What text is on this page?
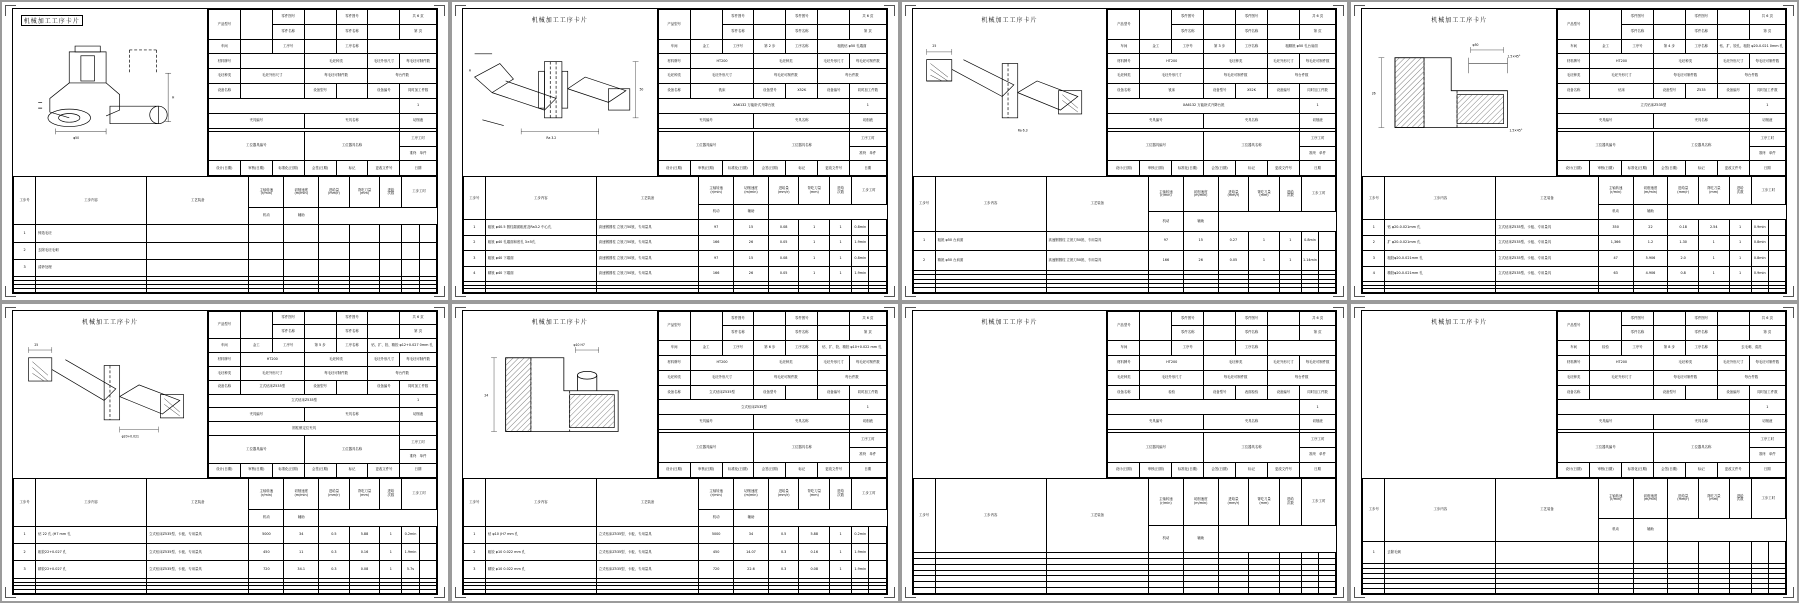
机械加工工序卡片
φ50
H
产品型号		零件图号		零件图号		共 6 页
		零件名称		零件名称		第 页
车间		工序号		工序名称		
材料牌号			毛坯种类		毛坯外形尺寸	每毛坯可制件数
毛坯种类	毛坯外形尺寸		每毛坯可制件数		每台件数	
设备名称			设备型号		设备编号	同时加工件数
						1
夹具编号			夹具名称			切削液

工位器具编号			工位器具名称			工序工时
						准终   单件
设计(日期)	审核(日期)	标准化(日期)	会签(日期)	标记	更改文件号	日期
工步号	工步内容	工艺装备	主轴转速
(r/min)	切削速度
(m/min)	进给量
(mm/r)	背吃刀量
(mm)	进给
次数	工步工时	
			机动	辅助					
1	铸造毛坯								
2	去除毛坯毛刺								
3	清砂处理								

机械加工工序卡片
Ra 3.2
50
A
产品型号		零件图号		零件图号		共 6 页
		零件名称		零件名称		第 页
车间	金工	工序号	第 2 步	工序名称	粗铣钻 φ50 孔端面	
材料牌号	HT200		毛坯种类		毛坯外形尺寸	每毛坯可制件数
毛坯种类	毛坯外形尺寸		每毛坯可制件数		每台件数	
设备名称	铣床		设备型号	X52K	设备编号	同时加工件数
XA6132 万能卧式升降台铣						1
夹具编号			夹具名称			切削液

工位器具编号			工位器具名称			工序工时
						准终   单件
设计(日期)	审核(日期)	标准化(日期)	会签(日期)	标记	更改文件号	日期
工步号	工步内容	工艺装备	主轴转速
(r/min)	切削速度
(m/min)	进给量
(mm/r)	背吃刀量
(mm)	进给
次数	工步工时	
			机动	辅助					
1	粗铣 φ40.5 圆柱端面粗度及Ra3.2 中心孔	高速钢圆柱 立铣刀50铣、专用量具	97	15	0.08	1	1	0.8min	
2	粗铣 φ40 孔端面和底孔 3×5孔	高速钢圆柱 立铣刀50铣、专用量具	166	26	0.05	1	1	1.9min	
3	粗铣 φ40 下端面	高速钢圆柱 立铣刀50铣、专用量具	97	15	0.08	1	1	0.8min	
4	精铣 φ40 下端面	高速钢圆柱 立铣刀50铣、专用量具	166	26	0.05	1	1	1.9min	

机械加工工序卡片
25
Ra 6.3
产品型号		零件图号		零件图号		共 6 页
		零件名称		零件名称		第 页
车间	金工	工序号	第 3 步	工序名称	粗精铣 φ50 孔台肩面	
材料牌号	HT200		毛坯种类		毛坯外形尺寸	每毛坯可制件数
毛坯种类	毛坯外形尺寸		每毛坯可制件数		每台件数	
设备名称	铣床		设备型号	X52K	设备编号	同时加工件数
XA6132 万能卧式升降台铣						1
夹具编号			夹具名称			切削液

工位器具编号			工位器具名称			工序工时
						准终   单件
设计(日期)	审核(日期)	标准化(日期)	会签(日期)	标记	更改文件号	日期
工步号	工步内容	工艺装备	主轴转速
(r/min)	切削速度
(m/min)	进给量
(mm/r)	背吃刀量
(mm)	进给
次数	工步工时	
			机动	辅助					
1	粗铣 φ50 台肩面	高速钢圆柱 立铣刀50铣、专用量具	97	15	0.27	1	1	0.8min	
2	精铣 φ50 台肩面	高速钢圆柱 立铣刀50铣、专用量具	166	26	0.05	1	1	1.14min	

机械加工工序卡片
26
φ50
1.5×45°
1.5×45°
产品型号		零件图号		零件图号		共 6 页
		零件名称		零件名称		第 页
车间	金工	工序号	第 4 步	工序名称	钻、扩、铰孔、粗铰 φ20-0.021 0mm 孔	
材料牌号	HT200		毛坯种类		毛坯外形尺寸	每毛坯可制件数
毛坯种类	毛坯外形尺寸		每毛坯可制件数		每台件数	
设备名称	钻床		设备型号	Z535	设备编号	同时加工件数
立式钻床Z535型						1
夹具编号			夹具名称			切削液

工位器具编号			工位器具名称			工序工时
						准终   单件
设计(日期)	审核(日期)	标准化(日期)	会签(日期)	标记	更改文件号	日期
工步号	工步内容	工艺装备	主轴转速
(r/min)	切削速度
(m/min)	进给量
(mm/r)	背吃刀量
(mm)	进给
次数	工步工时	
			机动	辅助					
1	钻 φ20-0.021mm 孔	立式钻床Z535型、卡板、专用量具	350	22	0.18	2.54	1	0.9min	
2	扩 φ20-0.021mm 孔	立式钻床Z535型、卡板、专用量具	1,366	1.2	1.30	1	1	0.8min	
3	粗铰φ20-0.021mm 孔	立式钻床Z535型、卡板、专用量具	47	5.906	2.0	1	1	0.8min	
4	精铰φ20-0.021mm 孔	立式钻床Z535型、卡板、专用量具	63	4.906	0.8	1	1	0.9min	

机械加工工序卡片
25
φ20+0.021
产品型号		零件图号		零件图号		共 6 页
		零件名称		零件名称		第 页
车间	金工	工序号	第 5 步	工序名称	钻、扩、铰、精铰 φ12+0.027 0mm 孔	
材料牌号	HT200		毛坯种类		毛坯外形尺寸	每毛坯可制件数
毛坯种类	毛坯外形尺寸		每毛坯可制件数		每台件数	
设备名称	立式钻床Z535型		设备型号		设备编号	同时加工件数
立式钻床Z535型						1
夹具编号			夹具名称			切削液
圆柱销定位夹具						
工位器具编号			工位器具名称			工序工时
						准终   单件
设计(日期)	审核(日期)	标准化(日期)	会签(日期)	标记	更改文件号	日期
工步号	工步内容	工艺装备	主轴转速
(r/min)	切削速度
(m/min)	进给量
(mm/r)	背吃刀量
(mm)	进给
次数	工步工时	
			机动	辅助					
1	钻 22 孔 (H7 mm 孔	立式钻床Z535型、卡板、专用量具	5000	34	0.5	5.88	1	0.2min	
2	粗铰22+0.027 孔	立式钻床Z535型、卡板、专用量具	450	11	0.3	0.16	1	1.9min	
3	精铰22+0.027 孔	立式钻床Z535型、卡板、专用量具	720	34.1	0.3	0.08	1	5.7s	

机械加工工序卡片
24
φ10 H7
产品型号		零件图号		零件图号		共 6 页
		零件名称		零件名称		第 页
车间	金工	工序号	第 6 步	工序名称	钻、扩、铰、精铰 φ10+0.022 mm 孔	
材料牌号	HT200		毛坯种类		毛坯外形尺寸	每毛坯可制件数
毛坯种类	毛坯外形尺寸		每毛坯可制件数		每台件数	
设备名称	立式钻床Z535型		设备型号		设备编号	同时加工件数
立式钻床Z535型						1
夹具编号			夹具名称			切削液

工位器具编号			工位器具名称			工序工时
						准终   单件
设计(日期)	审核(日期)	标准化(日期)	会签(日期)	标记	更改文件号	日期
工步号	工步内容	工艺装备	主轴转速
(r/min)	切削速度
(m/min)	进给量
(mm/r)	背吃刀量
(mm)	进给
次数	工步工时	
			机动	辅助					
1	钻 φ10 (H7 mm 孔	立式钻床Z535型、卡板、专用量具	5000	34	0.5	5.88	1	0.2min	
2	粗铰 φ10 0.022 mm 孔	立式钻床Z535型、卡板、专用量具	450	14.07	0.3	0.16	1	1.9min	
3	精铰 φ10 0.022 mm 孔	立式钻床Z535型、卡板、专用量具	720	22.6	0.3	0.08	1	1.9min	

机械加工工序卡片	产品型号		零件图号		零件图号		共 6 页
		零件名称		零件名称		第 页
车间		工序号		工序名称		
材料牌号	HT200		毛坯种类		毛坯外形尺寸	每毛坯可制件数
毛坯种类	毛坯外形尺寸		每毛坯可制件数		每台件数	
设备名称	检验		设备型号	表面检验	设备编号	同时加工件数
						1
夹具编号			夹具名称			切削液

工位器具编号			工位器具名称			工序工时
						准终   单件
设计(日期)	审核(日期)	标准化(日期)	会签(日期)	标记	更改文件号	日期
工步号	工步内容	工艺装备	主轴转速
(r/min)	切削速度
(m/min)	进给量
(mm/r)	背吃刀量
(mm)	进给
次数	工步工时	
			机动	辅助					

机械加工工序卡片	产品型号		零件图号		零件图号		共 6 页
		零件名称		零件名称		第 页
车间	检验	工序号	第 8 步	工序名称	去毛刺、清洗	
材料牌号	HT200		毛坯种类		毛坯外形尺寸	每毛坯可制件数
毛坯种类	毛坯外形尺寸		每毛坯可制件数		每台件数	
设备名称			设备型号		设备编号	同时加工件数
						1
夹具编号			夹具名称			切削液

工位器具编号			工位器具名称			工序工时
						准终   单件
设计(日期)	审核(日期)	标准化(日期)	会签(日期)	标记	更改文件号	日期
工步号	工步内容	工艺装备	主轴转速
(r/min)	切削速度
(m/min)	进给量
(mm/r)	背吃刀量
(mm)	进给
次数	工步工时	
			机动	辅助					
1	去除毛刺								
